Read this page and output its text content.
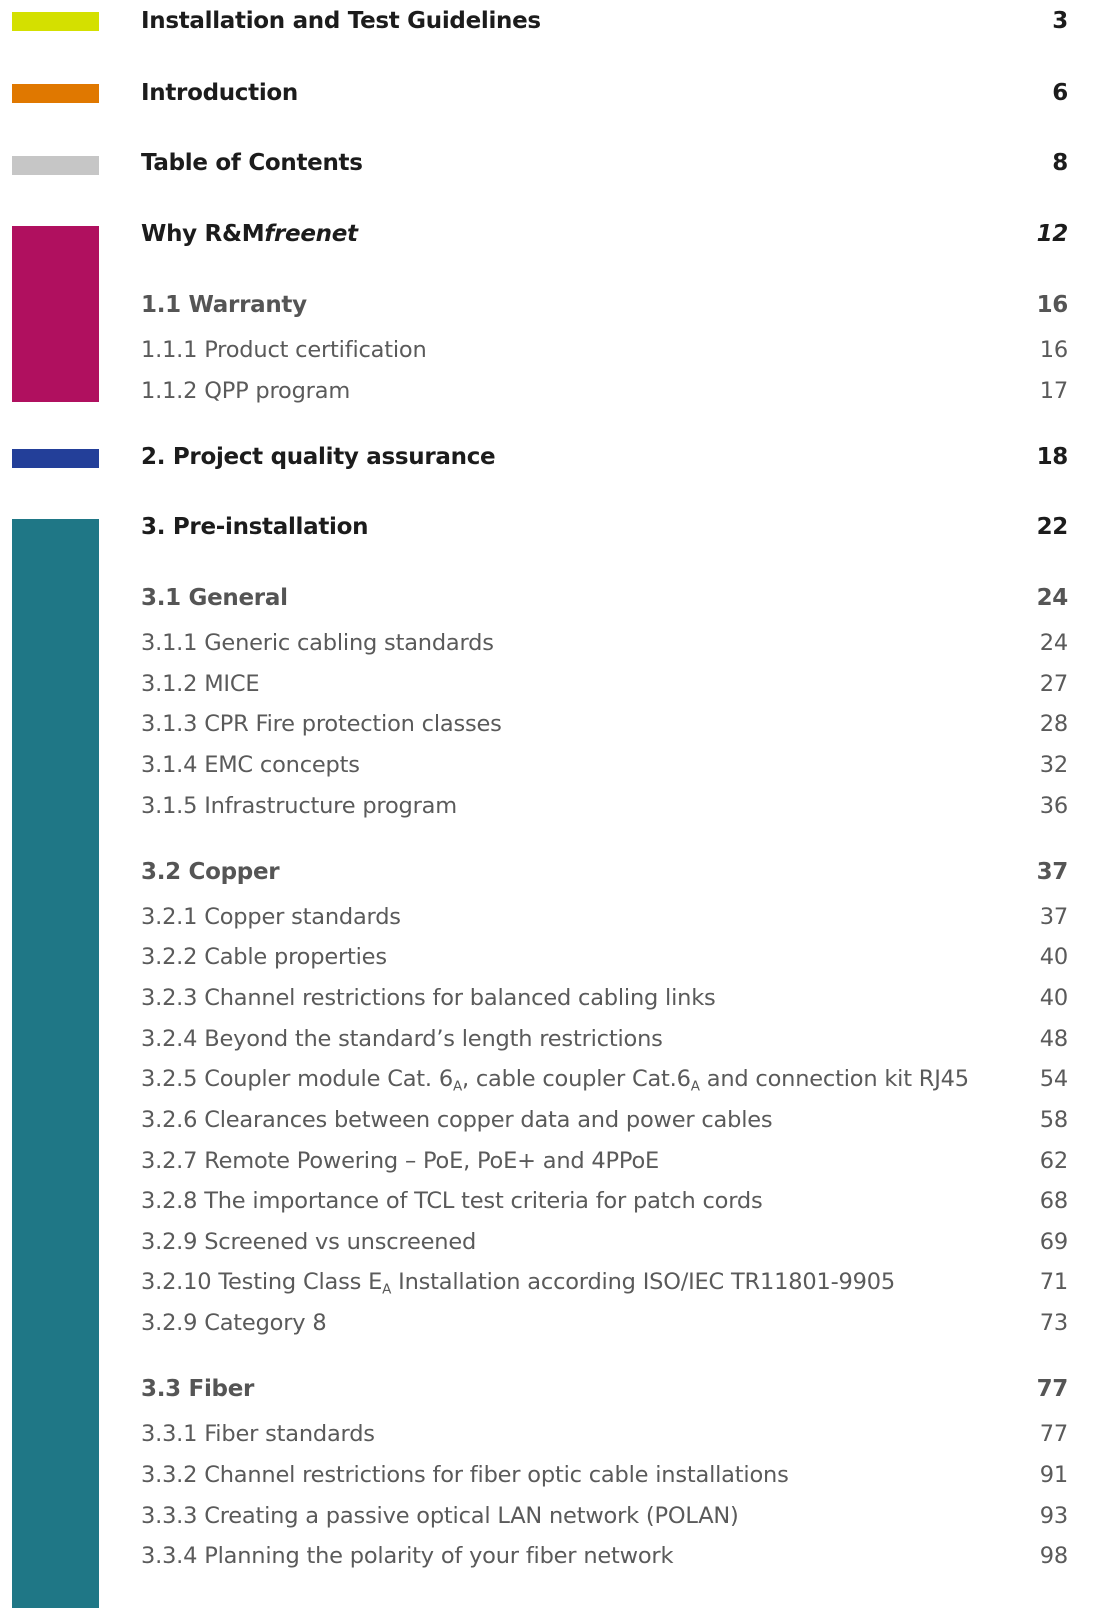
Installation and Test Guidelines	3
Introduction	6
Table of Contents	8
Why R&Mfreenet	12
1.1 Warranty	16
1.1.1 Product certification	16
1.1.2 QPP program	17
2. Project quality assurance	18
3. Pre-installation	22
3.1 General	24
3.1.1 Generic cabling standards	24
3.1.2 MICE	27
3.1.3 CPR Fire protection classes	28
3.1.4 EMC concepts	32
3.1.5 Infrastructure program	36
3.2 Copper	37
3.2.1 Copper standards	37
3.2.2 Cable properties	40
3.2.3 Channel restrictions for balanced cabling links	40
3.2.4 Beyond the standard’s length restrictions	48
3.2.5 Coupler module Cat. $6_A$, cable coupler $Cat.6_A$ and connection kit RJ45	54
3.2.6 Clearances between copper data and power cables	58
3.2.7 Remote Powering – PoE, PoE+ and 4PPoE	62
3.2.8 The importance of TCL test criteria for patch cords	68
3.2.9 Screened vs unscreened	69
3.2.10 Testing Class $E_A$ Installation according ISO/IEC TR11801-9905	71
3.2.9 Category 8	73
3.3 Fiber	77
3.3.1 Fiber standards	77
3.3.2 Channel restrictions for fiber optic cable installations	91
3.3.3 Creating a passive optical LAN network (POLAN)	93
3.3.4 Planning the polarity of your fiber network	98
